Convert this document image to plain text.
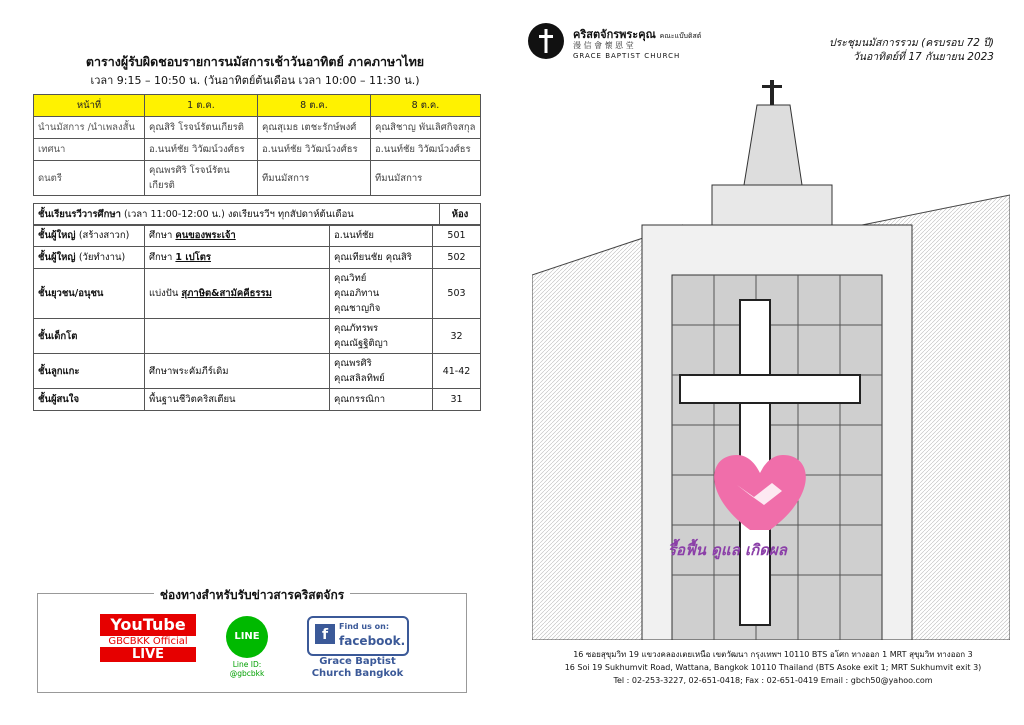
ตารางผู้รับผิดชอบรายการนมัสการเช้าวันอาทิตย์ ภาคภาษาไทย
เวลา 9:15 – 10:50 น. (วันอาทิตย์ต้นเดือน เวลา 10:00 – 11:30 น.)
หน้าที่	1 ต.ค.	8 ต.ค.	8 ต.ค.
นำนมัสการ /นำเพลงสั้น	คุณสิริ โรจน์รัตนเกียรติ	คุณสุเมธ เตชะรักษ์พงศ์	คุณสิชาญ พันเลิศกิจสกุล
เทศนา	อ.นนท์ชัย วิวัฒน์วงศ์ธร	อ.นนท์ชัย วิวัฒน์วงศ์ธร	อ.นนท์ชัย วิวัฒน์วงศ์ธร
ดนตรี	คุณพรศิริ โรจน์รัตนเกียรติ	ทีมนมัสการ	ทีมนมัสการ
ชั้นเรียนรวีวารศึกษา (เวลา 11:00-12:00 น.) งดเรียนรวีฯ ทุกสัปดาห์ต้นเดือน	ห้อง
ชั้นผู้ใหญ่ (สร้างสาวก)	ศึกษา คนของพระเจ้า	อ.นนท์ชัย	501
ชั้นผู้ใหญ่ (วัยทำงาน)	ศึกษา 1 เปโตร	คุณเทียนชัย คุณสิริ	502
ชั้นยุวชน/อนุชน	แบ่งปัน สุภาษิต&สามัคคีธรรม	คุณวิทย์
คุณอภิทาน
คุณชาญกิจ	503
ชั้นเด็กโต		คุณภัทรพร
คุณณัฐฐิติญา	32
ชั้นลูกแกะ	ศึกษาพระคัมภีร์เดิม	คุณพรศิริ
คุณสลิลทิพย์	41-42
ชั้นผู้สนใจ	พื้นฐานชีวิตคริสเตียน	คุณกรรณิกา	31
ช่องทางสำหรับรับข่าวสารคริสตจักร
YouTube
GBCBKK Official
LIVE
LINE
Line ID:
@gbcbkk
f
Find us on:
facebook.
Grace Baptist
Church Bangkok
คริสตจักรพระคุณ คณะแบ๊บติสต์
漫 信 會 懷 恩 堂
GRACE BAPTIST CHURCH
ประชุมนมัสการรวม (ครบรอบ 72 ปี)
วันอาทิตย์ที่ 17 กันยายน 2023
รื้อฟื้น ดูแล เกิดผล
16 ซอยสุขุมวิท 19 แขวงคลองเตยเหนือ เขตวัฒนา กรุงเทพฯ 10110 BTS อโศก ทางออก 1 MRT สุขุมวิท ทางออก 3
16 Soi 19 Sukhumvit Road, Wattana, Bangkok 10110 Thailand (BTS Asoke exit 1; MRT Sukhumvit exit 3)
Tel : 02-253-3227, 02-651-0418; Fax : 02-651-0419 Email : gbch50@yahoo.com
